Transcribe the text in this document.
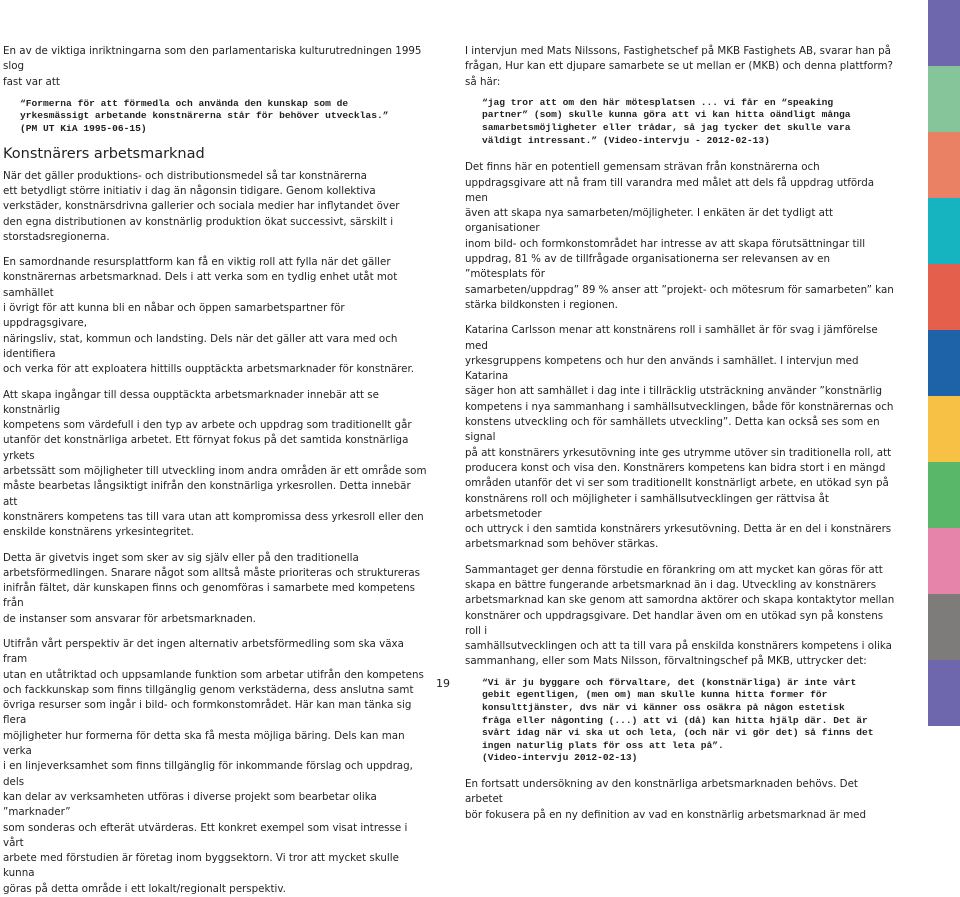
En av de viktiga inriktningarna som den parlamentariska kulturutredningen 1995 slog
fast var att

“Formerna för att förmedla och använda den kunskap som de
yrkesmässigt arbetande konstnärerna står för behöver utvecklas.”
(PM UT KiA 1995-06-15)

Konstnärers arbetsmarknad

När det gäller produktions- och distributionsmedel så tar konstnärerna
ett betydligt större initiativ i dag än någonsin tidigare. Genom kollektiva
verkstäder, konstnärsdrivna gallerier och sociala medier har inflytandet över
den egna distributionen av konstnärlig produktion ökat successivt, särskilt i
storstadsregionerna.

En samordnande resursplattform kan få en viktig roll att fylla när det gäller
konstnärernas arbetsmarknad. Dels i att verka som en tydlig enhet utåt mot samhället
i övrigt för att kunna bli en nåbar och öppen samarbetspartner för uppdragsgivare,
näringsliv, stat, kommun och landsting. Dels när det gäller att vara med och identifiera
och verka för att exploatera hittills oupptäckta arbetsmarknader för konstnärer.

Att skapa ingångar till dessa oupptäckta arbetsmarknader innebär att se konstnärlig
kompetens som värdefull i den typ av arbete och uppdrag som traditionellt går
utanför det konstnärliga arbetet. Ett förnyat fokus på det samtida konstnärliga yrkets
arbetssätt som möjligheter till utveckling inom andra områden är ett område som
måste bearbetas långsiktigt inifrån den konstnärliga yrkesrollen. Detta innebär att
konstnärers kompetens tas till vara utan att kompromissa dess yrkesroll eller den
enskilde konstnärens yrkesintegritet.

Detta är givetvis inget som sker av sig själv eller på den traditionella
arbetsförmedlingen. Snarare något som alltså måste prioriteras och struktureras
inifrån fältet, där kunskapen finns och genomföras i samarbete med kompetens från
de instanser som ansvarar för arbetsmarknaden.

Utifrån vårt perspektiv är det ingen alternativ arbetsförmedling som ska växa fram
utan en utåtriktad och uppsamlande funktion som arbetar utifrån den kompetens
och fackkunskap som finns tillgänglig genom verkstäderna, dess anslutna samt
övriga resurser som ingår i bild- och formkonstområdet. Här kan man tänka sig flera
möjligheter hur formerna för detta ska få mesta möjliga bäring. Dels kan man verka
i en linjeverksamhet som finns tillgänglig för inkommande förslag och uppdrag, dels
kan delar av verksamheten utföras i diverse projekt som bearbetar olika ”marknader”
som sonderas och efterät utvärderas. Ett konkret exempel som visat intresse i vårt
arbete med förstudien är företag inom byggsektorn. Vi tror att mycket skulle kunna
göras på detta område i ett lokalt/regionalt perspektiv.

I intervjun med Mats Nilssons, Fastighetschef på MKB Fastighets AB, svarar han på
frågan, Hur kan ett djupare samarbete se ut mellan er (MKB) och denna plattform? så här:

“jag tror att om den här mötesplatsen ... vi får en “speaking
partner” (som) skulle kunna göra att vi kan hitta oändligt många
samarbetsmöjligheter eller trådar, så jag tycker det skulle vara
väldigt intressant.” (Video-intervju - 2012-02-13)

Det finns här en potentiell gemensam strävan från konstnärerna och
uppdragsgivare att nå fram till varandra med målet att dels få uppdrag utförda men
även att skapa nya samarbeten/möjligheter. I enkäten är det tydligt att organisationer
inom bild- och formkonstområdet har intresse av att skapa förutsättningar till
uppdrag, 81 % av de tillfrågade organisationerna ser relevansen av en ”mötesplats för
samarbeten/uppdrag” 89 % anser att ”projekt- och mötesrum för samarbeten” kan
stärka bildkonsten i regionen.

Katarina Carlsson menar att konstnärens roll i samhället är för svag i jämförelse med
yrkesgruppens kompetens och hur den används i samhället. I intervjun med Katarina
säger hon att samhället i dag inte i tillräcklig utsträckning använder ”konstnärlig
kompetens i nya sammanhang i samhällsutvecklingen, både för konstnärernas och
konstens utveckling och för samhällets utveckling”. Detta kan också ses som en signal
på att konstnärers yrkesutövning inte ges utrymme utöver sin traditionella roll, att
producera konst och visa den. Konstnärers kompetens kan bidra stort i en mängd
områden utanför det vi ser som traditionellt konstnärligt arbete, en utökad syn på
konstnärens roll och möjligheter i samhällsutvecklingen ger rättvisa åt arbetsmetoder
och uttryck i den samtida konstnärers yrkesutövning. Detta är en del i konstnärers
arbetsmarknad som behöver stärkas.

Sammantaget ger denna förstudie en förankring om att mycket kan göras för att
skapa en bättre fungerande arbetsmarknad än i dag. Utveckling av konstnärers
arbetsmarknad kan ske genom att samordna aktörer och skapa kontaktytor mellan
konstnärer och uppdragsgivare. Det handlar även om en utökad syn på konstens roll i
samhällsutvecklingen och att ta till vara på enskilda konstnärers kompetens i olika
sammanhang, eller som Mats Nilsson, förvaltningschef på MKB, uttrycker det:

“Vi är ju byggare och förvaltare, det (konstnärliga) är inte vårt
gebit egentligen, (men om) man skulle kunna hitta former för
konsulttjänster, dvs när vi känner oss osäkra på någon estetisk
fråga eller någonting (...) att vi (då) kan hitta hjälp där. Det är
svårt idag när vi ska ut och leta, (och när vi gör det) så finns det
ingen naturlig plats för oss att leta på”.
(Video-intervju 2012-02-13)

En fortsatt undersökning av den konstnärliga arbetsmarknaden behövs. Det arbetet
bör fokusera på en ny definition av vad en konstnärlig arbetsmarknad är med

19
